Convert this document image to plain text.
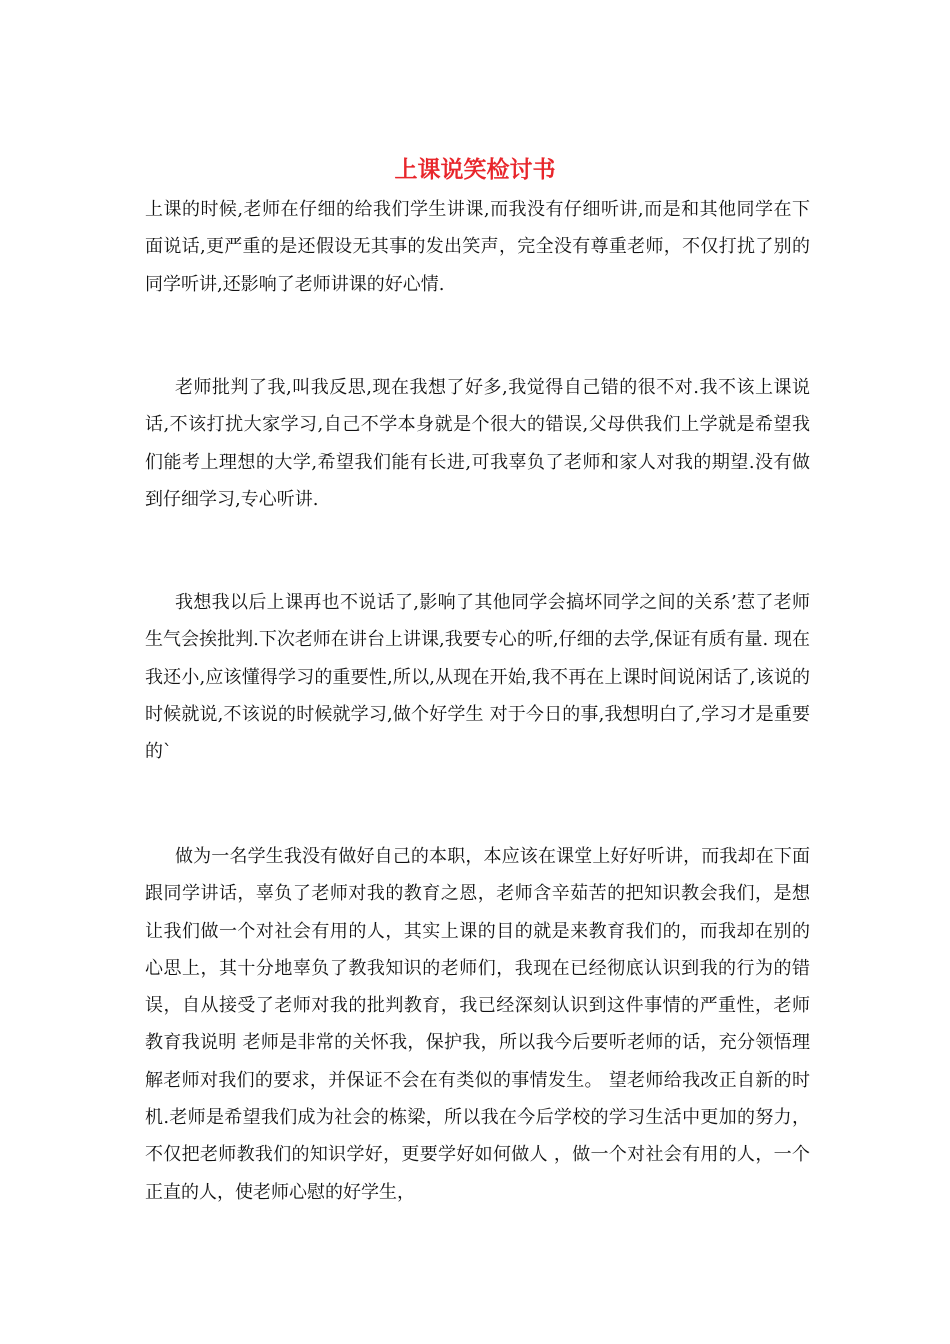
上课说笑检讨书

上课的时候,老师在仔细的给我们学生讲课,而我没有仔细听讲,而是和其他同学在下面说话,更严重的是还假设无其事的发出笑声，完全没有尊重老师，不仅打扰了别的同学听讲,还影响了老师讲课的好心情.

老师批判了我,叫我反思,现在我想了好多,我觉得自己错的很不对.我不该上课说话,不该打扰大家学习,自己不学本身就是个很大的错误,父母供我们上学就是希望我们能考上理想的大学,希望我们能有长进,可我辜负了老师和家人对我的期望.没有做到仔细学习,专心听讲.

我想我以后上课再也不说话了,影响了其他同学会搞坏同学之间的关系’惹了老师生气会挨批判.下次老师在讲台上讲课,我要专心的听,仔细的去学,保证有质有量. 现在我还小,应该懂得学习的重要性,所以,从现在开始,我不再在上课时间说闲话了,该说的时候就说,不该说的时候就学习,做个好学生 对于今日的事,我想明白了,学习才是重要的`

做为一名学生我没有做好自己的本职，本应该在课堂上好好听讲，而我却在下面跟同学讲话，辜负了老师对我的教育之恩，老师含辛茹苦的把知识教会我们，是想让我们做一个对社会有用的人，其实上课的目的就是来教育我们的，而我却在别的心思上，其十分地辜负了教我知识的老师们，我现在已经彻底认识到我的行为的错误，自从接受了老师对我的批判教育，我已经深刻认识到这件事情的严重性，老师教育我说明 老师是非常的关怀我，保护我，所以我今后要听老师的话，充分领悟理解老师对我们的要求，并保证不会在有类似的事情发生。 望老师给我改正自新的时机.老师是希望我们成为社会的栋梁，所以我在今后学校的学习生活中更加的努力，不仅把老师教我们的知识学好，更要学好如何做人 ，做一个对社会有用的人，一个正直的人，使老师心慰的好学生，
